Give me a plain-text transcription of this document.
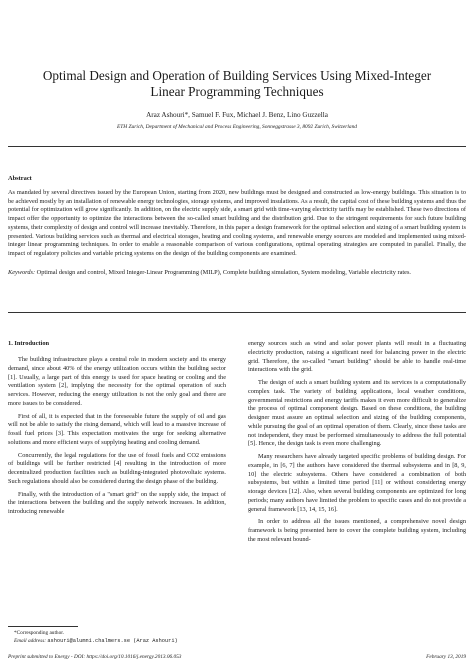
Optimal Design and Operation of Building Services Using Mixed-Integer Linear Programming Techniques
Araz Ashouri*, Samuel F. Fux, Michael J. Benz, Lino Guzzella
ETH Zurich, Department of Mechanical and Process Engineering, Sonneggstrasse 3, 8092 Zurich, Switzerland
Abstract
As mandated by several directives issued by the European Union, starting from 2020, new buildings must be designed and constructed as low-energy buildings. This situation is to be achieved mostly by an installation of renewable energy technologies, storage systems, and improved insulations. As a result, the capital cost of these building systems and thus the potential for optimization will grow significantly. In addition, on the electric supply side, a smart grid with time-varying electricity tariffs may be established. These two directions of impact offer the opportunity to optimize the interactions between the so-called smart building and the distribution grid. Due to the stringent requirements for such future building systems, their complexity of design and control will increase inevitably. Therefore, in this paper a design framework for the optimal selection and sizing of a smart building system is presented. Various building services such as thermal and electrical storages, heating and cooling systems, and renewable energy sources are modeled and implemented using mixed-integer linear programming techniques. In order to enable a reasonable comparison of various configurations, optimal operating strategies are computed in parallel. Finally, the impact of regulatory policies and variable pricing systems on the design of the building components are examined.
Keywords: Optimal design and control, Mixed Integer-Linear Programming (MILP), Complete building simulation, System modeling, Variable electricity rates.
1. Introduction

The building infrastructure plays a central role in modern society and its energy demand, since about 40% of the energy utilization occurs within the building sector [1]. Usually, a large part of this energy is used for space heating or cooling and the ventilation system [2], implying the necessity for the optimal operation of such services. However, reducing the energy utilization is not the only goal and there are more issues to be considered.

First of all, it is expected that in the foreseeable future the supply of oil and gas will not be able to satisfy the rising demand, which will lead to a massive increase of fossil fuel prices [3]. This expectation motivates the urge for seeking alternative solutions and more efficient ways of supplying heating and cooling demand.

Concurrently, the legal regulations for the use of fossil fuels and CO2 emissions of buildings will be further restricted [4] resulting in the introduction of more decentralized production facilities such as building-integrated photovoltaic systems. Such regulations should also be considered during the design phase of the building.

Finally, with the introduction of a "smart grid" on the supply side, the impact of the interactions between the building and the supply network increases. In addition, introducing renewable

energy sources such as wind and solar power plants will result in a fluctuating electricity production, raising a significant need for balancing power in the electric grid. Therefore, the so-called "smart building" should be able to handle real-time interactions with the grid.

The design of such a smart building system and its services is a computationally complex task. The variety of building applications, local weather conditions, governmental restrictions and energy tariffs makes it even more difficult to generalize the process of optimal component design. Based on these conditions, the building designer must assure an optimal selection and sizing of the building components, while pursuing the goal of an optimal operation of them. Clearly, since these tasks are not independent, they must be performed simultaneously to address the full potential [5]. Hence, the design task is even more challenging.

Many researchers have already targeted specific problems of building design. For example, in [6, 7] the authors have considered the thermal subsystems and in [8, 9, 10] the electric subsystems. Others have considered a combination of both subsystems, but within a limited time period [11] or without considering energy storage devices [12]. Also, when several building components are optimized for long periods; many authors have limited the problem to specific cases and do not provide a general framework [13, 14, 15, 16].

In order to address all the issues mentioned, a comprehensive novel design framework is being presented here to cover the complete building system, including the most relevant bound-

*Corresponding author.
Email address: ashouri@alumni.chalmers.se (Araz Ashouri)
Preprint submitted to Energy - DOI: https://doi.org/10.1016/j.energy.2013.06.053	February 13, 2019
